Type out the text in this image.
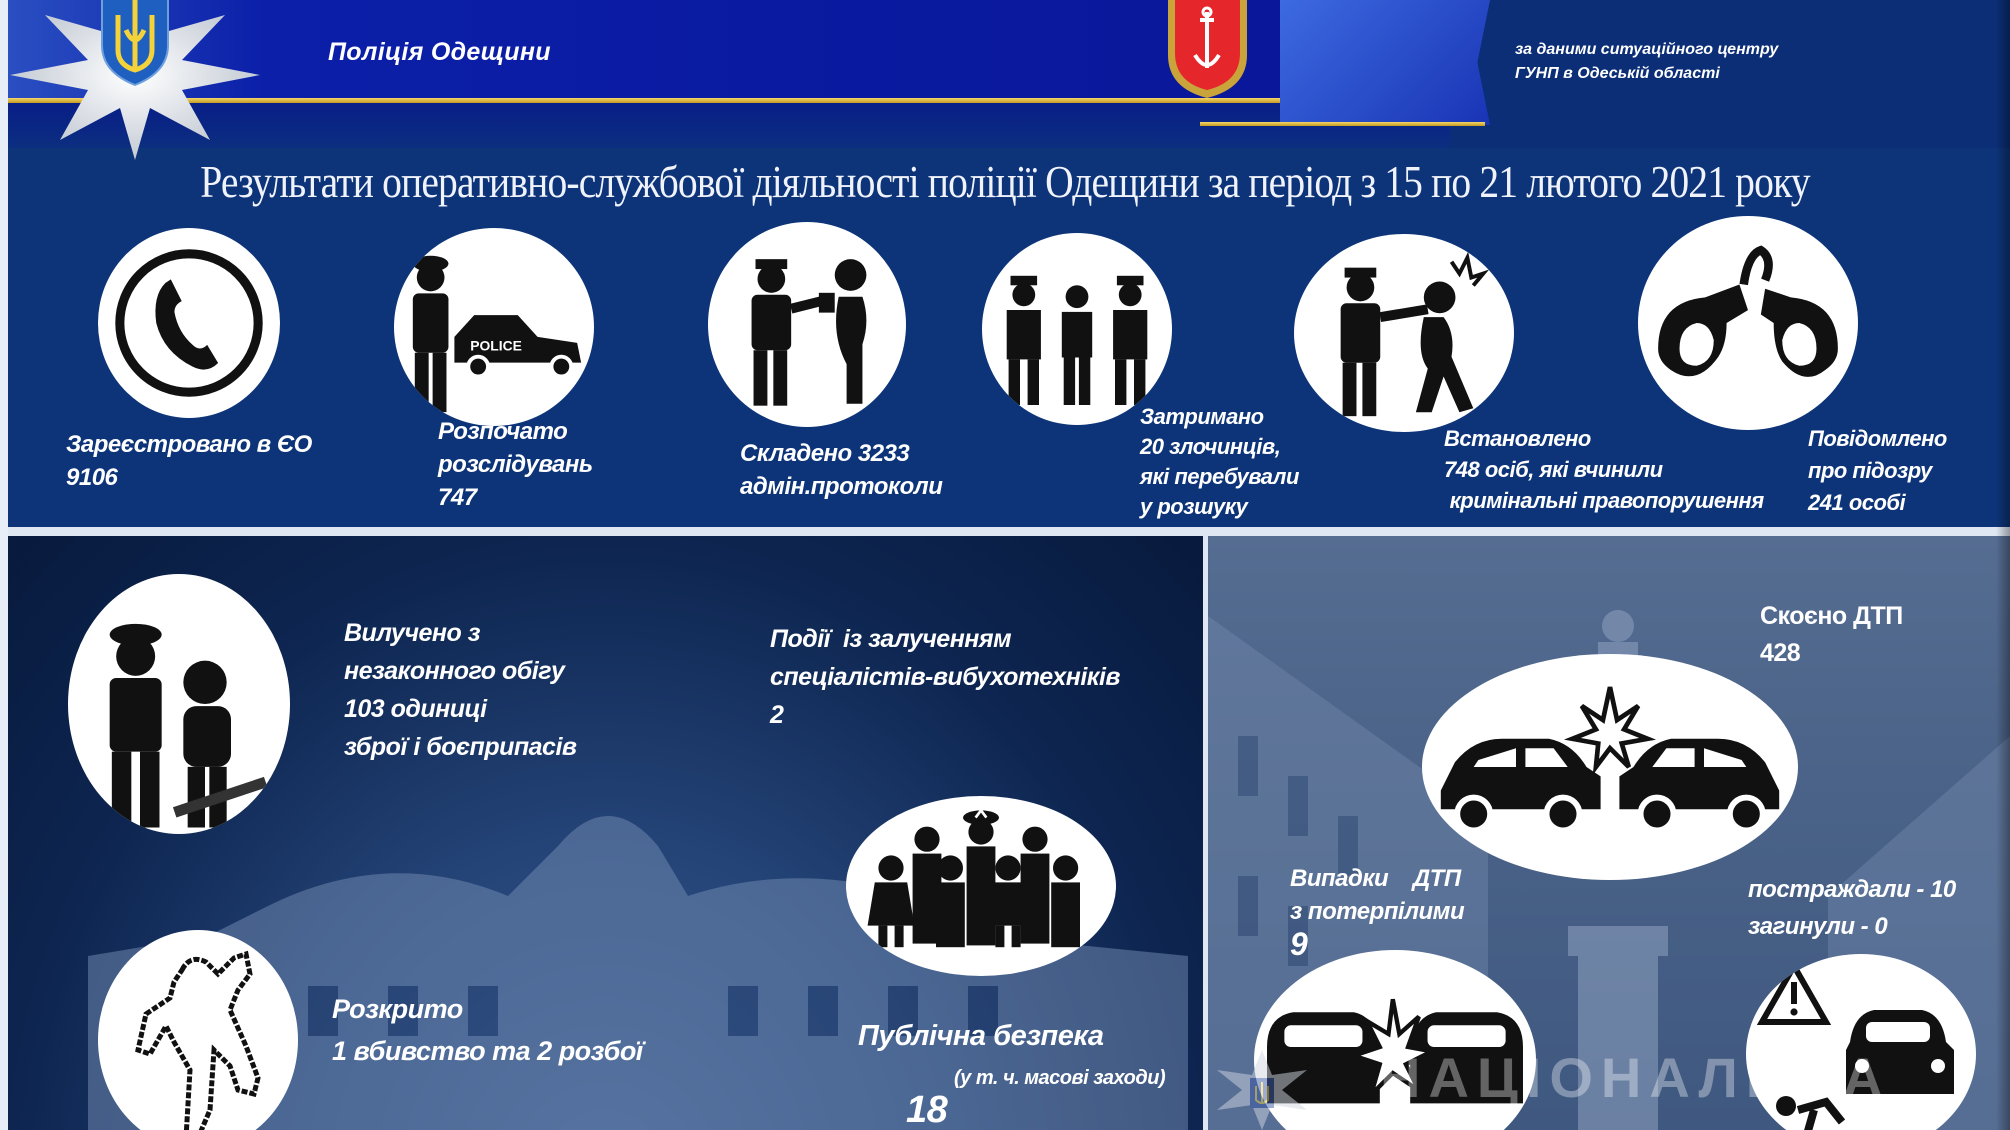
Поліція Одещини	за даними ситуаційного центру
ГУНП в Одеській області
Результати оперативно-службової діяльності поліції Одещини за період з 15 по 21 лютого 2021 року
Зареєстровано в ЄО
9106
POLICE
Розпочато
розслідувань
747
Складено 3233
адмін.протоколи
Затримано
20 злочинців,
які перебували
у розшуку
Встановлено
748 осіб, які вчинили
кримінальні правопорушення
Повідомлено
про підозру
241 особі
Вилучено з
незаконного обігу
103 одиниці
зброї і боєприпасів
Події  із залученням
спеціалістів-вибухотехніків
2
Розкрито
1 вбивство та 2 розбої	Публічна безпека
(у т. ч. масові заходи)
18
Скоєно ДТП
428
Випадки    ДТП
з потерпілими
9
постраждали - 10
загинули - 0
НАЦІОНАЛЬНА
